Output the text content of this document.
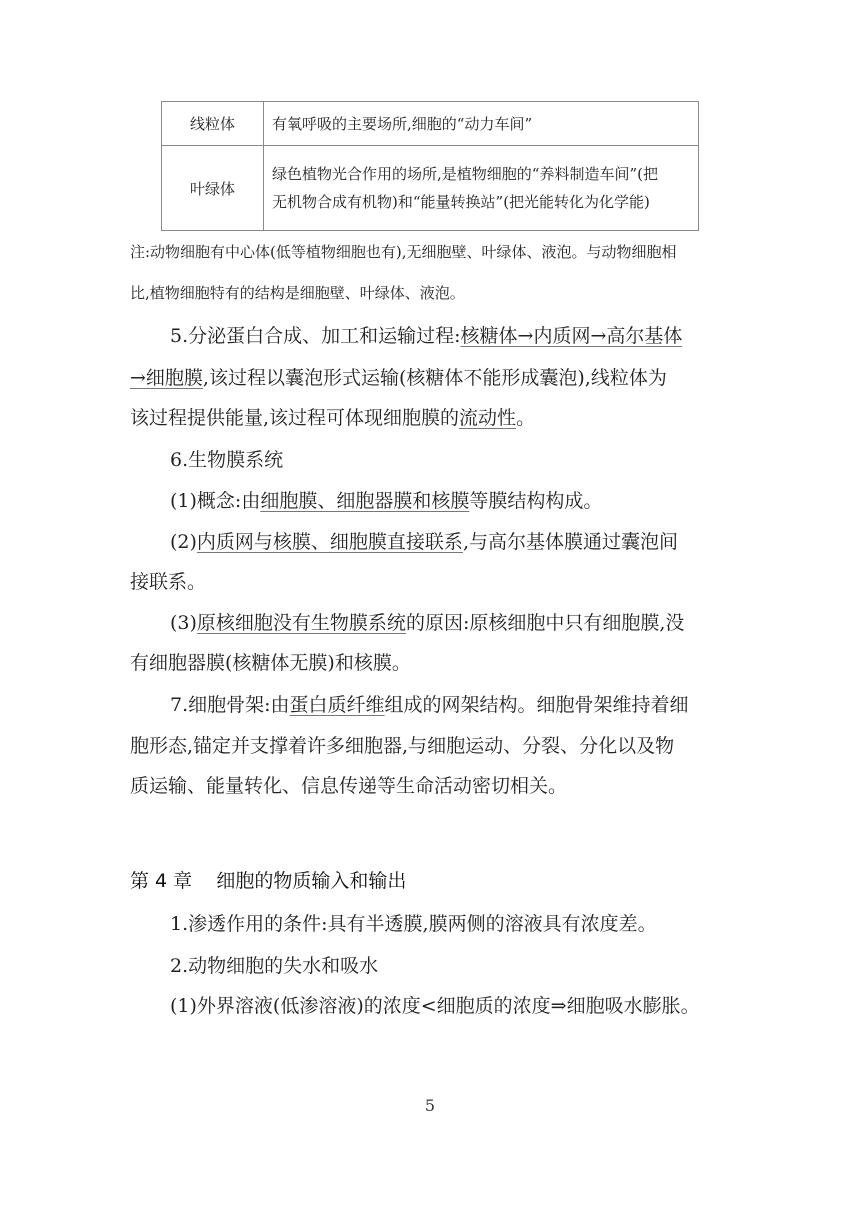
线粒体	有氧呼吸的主要场所,细胞的“动力车间”

叶绿体	绿色植物光合作用的场所,是植物细胞的“养料制造车间”(把
无机物合成有机物)和“能量转换站”(把光能转化为化学能)
注:动物细胞有中心体(低等植物细胞也有),无细胞壁、叶绿体、液泡。与动物细胞相
比,植物细胞特有的结构是细胞壁、叶绿体、液泡。
5.分泌蛋白合成、加工和运输过程:核糖体→内质网→高尔基体
→细胞膜,该过程以囊泡形式运输(核糖体不能形成囊泡),线粒体为
该过程提供能量,该过程可体现细胞膜的流动性。
6.生物膜系统
(1)概念:由细胞膜、细胞器膜和核膜等膜结构构成。
(2)内质网与核膜、细胞膜直接联系,与高尔基体膜通过囊泡间
接联系。
(3)原核细胞没有生物膜系统的原因:原核细胞中只有细胞膜,没
有细胞器膜(核糖体无膜)和核膜。
7.细胞骨架:由蛋白质纤维组成的网架结构。细胞骨架维持着细
胞形态,锚定并支撑着许多细胞器,与细胞运动、分裂、分化以及物
质运输、能量转化、信息传递等生命活动密切相关。
第 4 章    细胞的物质输入和输出
1.渗透作用的条件:具有半透膜,膜两侧的溶液具有浓度差。
2.动物细胞的失水和吸水
(1)外界溶液(低渗溶液)的浓度<细胞质的浓度⇒细胞吸水膨胀。
5
